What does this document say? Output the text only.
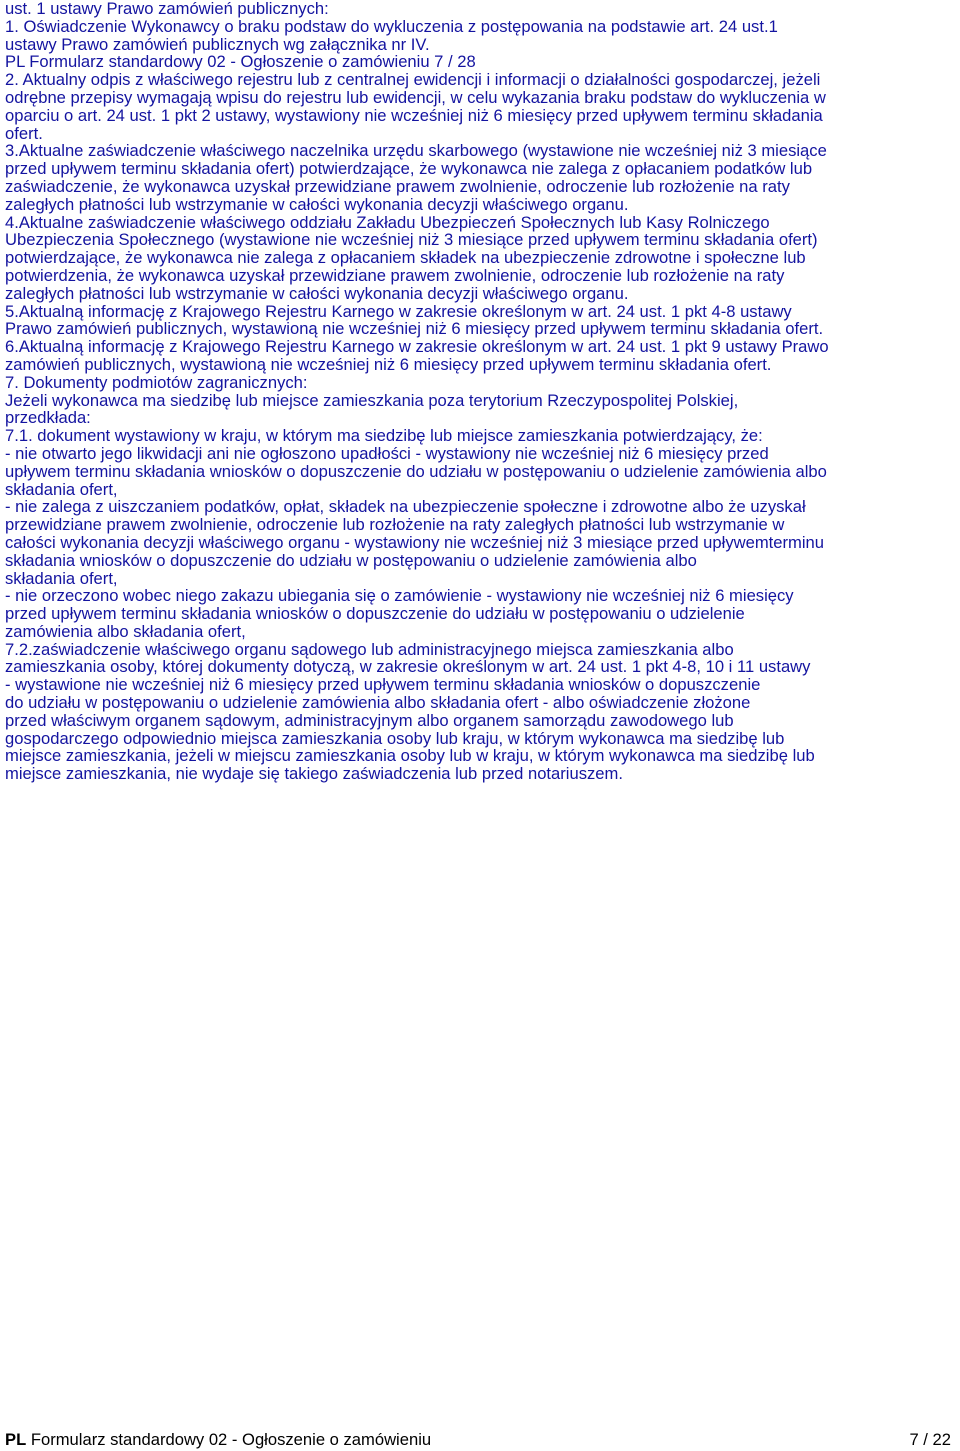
ust. 1 ustawy Prawo zamówień publicznych:
1. Oświadczenie Wykonawcy o braku podstaw do wykluczenia z postępowania na podstawie art. 24 ust.1
ustawy Prawo zamówień publicznych wg załącznika nr IV.
PL Formularz standardowy 02 - Ogłoszenie o zamówieniu 7 / 28
2. Aktualny odpis z właściwego rejestru lub z centralnej ewidencji i informacji o działalności gospodarczej, jeżeli
odrębne przepisy wymagają wpisu do rejestru lub ewidencji, w celu wykazania braku podstaw do wykluczenia w
oparciu o art. 24 ust. 1 pkt 2 ustawy, wystawiony nie wcześniej niż 6 miesięcy przed upływem terminu składania
ofert.
3.Aktualne zaświadczenie właściwego naczelnika urzędu skarbowego (wystawione nie wcześniej niż 3 miesiące
przed upływem terminu składania ofert) potwierdzające, że wykonawca nie zalega z opłacaniem podatków lub
zaświadczenie, że wykonawca uzyskał przewidziane prawem zwolnienie, odroczenie lub rozłożenie na raty
zaległych płatności lub wstrzymanie w całości wykonania decyzji właściwego organu.
4.Aktualne zaświadczenie właściwego oddziału Zakładu Ubezpieczeń Społecznych lub Kasy Rolniczego
Ubezpieczenia Społecznego (wystawione nie wcześniej niż 3 miesiące przed upływem terminu składania ofert)
potwierdzające, że wykonawca nie zalega z opłacaniem składek na ubezpieczenie zdrowotne i społeczne lub
potwierdzenia, że wykonawca uzyskał przewidziane prawem zwolnienie, odroczenie lub rozłożenie na raty
zaległych płatności lub wstrzymanie w całości wykonania decyzji właściwego organu.
5.Aktualną informację z Krajowego Rejestru Karnego w zakresie określonym w art. 24 ust. 1 pkt 4-8 ustawy
Prawo zamówień publicznych, wystawioną nie wcześniej niż 6 miesięcy przed upływem terminu składania ofert.
6.Aktualną informację z Krajowego Rejestru Karnego w zakresie określonym w art. 24 ust. 1 pkt 9 ustawy Prawo
zamówień publicznych, wystawioną nie wcześniej niż 6 miesięcy przed upływem terminu składania ofert.
7. Dokumenty podmiotów zagranicznych:
Jeżeli wykonawca ma siedzibę lub miejsce zamieszkania poza terytorium Rzeczypospolitej Polskiej,
przedkłada:
7.1. dokument wystawiony w kraju, w którym ma siedzibę lub miejsce zamieszkania potwierdzający, że:
- nie otwarto jego likwidacji ani nie ogłoszono upadłości - wystawiony nie wcześniej niż 6 miesięcy przed
upływem terminu składania wniosków o dopuszczenie do udziału w postępowaniu o udzielenie zamówienia albo
składania ofert,
- nie zalega z uiszczaniem podatków, opłat, składek na ubezpieczenie społeczne i zdrowotne albo że uzyskał
przewidziane prawem zwolnienie, odroczenie lub rozłożenie na raty zaległych płatności lub wstrzymanie w
całości wykonania decyzji właściwego organu - wystawiony nie wcześniej niż 3 miesiące przed upływemterminu
składania wniosków o dopuszczenie do udziału w postępowaniu o udzielenie zamówienia albo
składania ofert,
- nie orzeczono wobec niego zakazu ubiegania się o zamówienie - wystawiony nie wcześniej niż 6 miesięcy
przed upływem terminu składania wniosków o dopuszczenie do udziału w postępowaniu o udzielenie
zamówienia albo składania ofert,
7.2.zaświadczenie właściwego organu sądowego lub administracyjnego miejsca zamieszkania albo
zamieszkania osoby, której dokumenty dotyczą, w zakresie określonym w art. 24 ust. 1 pkt 4-8, 10 i 11 ustawy
- wystawione nie wcześniej niż 6 miesięcy przed upływem terminu składania wniosków o dopuszczenie
do udziału w postępowaniu o udzielenie zamówienia albo składania ofert - albo oświadczenie złożone
przed właściwym organem sądowym, administracyjnym albo organem samorządu zawodowego lub
gospodarczego odpowiednio miejsca zamieszkania osoby lub kraju, w którym wykonawca ma siedzibę lub
miejsce zamieszkania, jeżeli w miejscu zamieszkania osoby lub w kraju, w którym wykonawca ma siedzibę lub
miejsce zamieszkania, nie wydaje się takiego zaświadczenia lub przed notariuszem.
PL Formularz standardowy 02 - Ogłoszenie o zamówieniu	7 / 22
